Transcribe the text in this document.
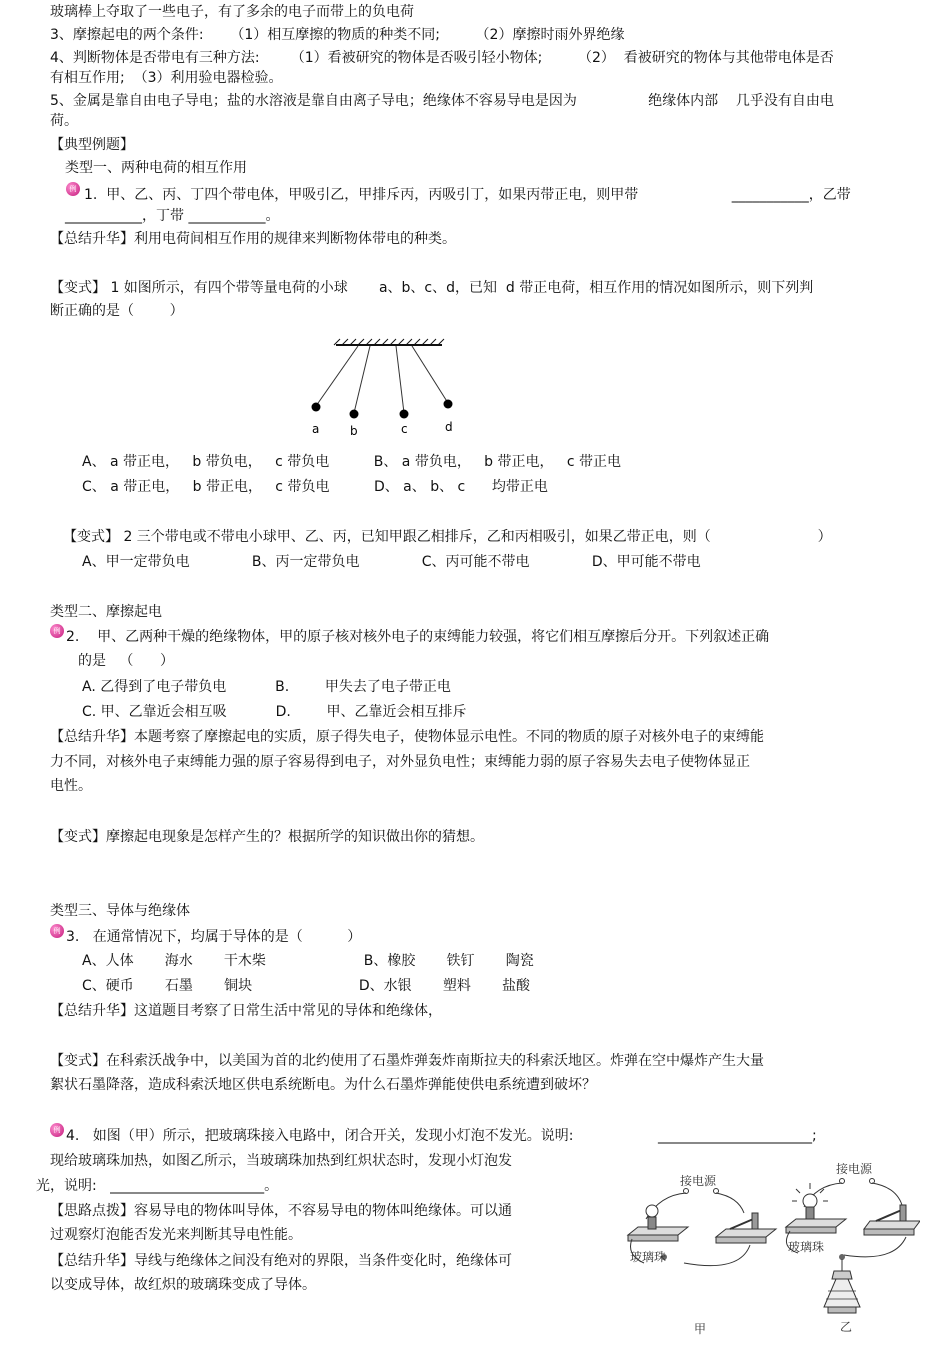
玻璃棒上夺取了一些电子，有了多余的电子而带上的负电荷
3、摩擦起电的两个条件:      （1）相互摩擦的物质的种类不同;        （2）摩擦时雨外界绝缘
4、判断物体是否带电有三种方法:       （1）看被研究的物体是否吸引轻小物体;        （2）  看被研究的物体与其他带电体是否
有相互作用;  （3）利用验电器检验。
5、金属是靠自由电子导电；盐的水溶液是靠自由离子导电；绝缘体不容易导电是因为                绝缘体内部    几乎没有自由电
荷。
【典型例题】
类型一、两种电荷的相互作用
例 1.  甲、乙、丙、丁四个带电体，甲吸引乙，甲排斥丙，丙吸引丁，如果丙带正电，则甲带                     ___________，乙带
___________，丁带 ___________。
【总结升华】利用电荷间相互作用的规律来判断物体带电的种类。
【变式】 1 如图所示，有四个带等量电荷的小球       a、b、c、d，已知  d 带正电荷，相互作用的情况如图所示，则下列判
断正确的是（        ）
a	b	c	d
A、 a 带正电，   b 带负电，   c 带负电          B、 a 带负电，   b 带正电，   c 带正电
C、 a 带正电，   b 带正电，   c 带负电          D、 a、 b、 c      均带正电
【变式】 2 三个带电或不带电小球甲、乙、丙，已知甲跟乙相排斥，乙和丙相吸引，如果乙带正电，则（                        ）
A、甲一定带负电              B、丙一定带负电              C、丙可能不带电              D、甲可能不带电
类型二、摩擦起电
例 2.    甲、乙两种干燥的绝缘物体，甲的原子核对核外电子的束缚能力较强，将它们相互摩擦后分开。下列叙述正确
的是   （      ）
A. 乙得到了电子带负电           B.        甲失去了电子带正电
C. 甲、乙靠近会相互吸           D.        甲、乙靠近会相互排斥
【总结升华】本题考察了摩擦起电的实质，原子得失电子，使物体显示电性。不同的物质的原子对核外电子的束缚能
力不同，对核外电子束缚能力强的原子容易得到电子，对外显负电性；束缚能力弱的原子容易失去电子使物体显正
电性。
【变式】摩擦起电现象是怎样产生的？根据所学的知识做出你的猜想。
类型三、导体与绝缘体
例 3.   在通常情况下，均属于导体的是（          ）
A、人体       海水       干木柴                      B、橡胶       铁钉       陶瓷
C、硬币       石墨       铜块                        D、水银       塑料       盐酸
【总结升华】这道题目考察了日常生活中常见的导体和绝缘体，
【变式】在科索沃战争中，以美国为首的北约使用了石墨炸弹轰炸南斯拉夫的科索沃地区。炸弹在空中爆炸产生大量
絮状石墨降落，造成科索沃地区供电系统断电。为什么石墨炸弹能使供电系统遭到破坏？
例 4.   如图（甲）所示，把玻璃珠接入电路中，闭合开关，发现小灯泡不发光。说明:                   ______________________;
现给玻璃珠加热，如图乙所示，当玻璃珠加热到红炽状态时，发现小灯泡发
光，说明:   ______________________。
【思路点拨】容易导电的物体叫导体，不容易导电的物体叫绝缘体。可以通
过观察灯泡能否发光来判断其导电性能。
【总结升华】导线与绝缘体之间没有绝对的界限，当条件变化时，绝缘体可
以变成导体，故红炽的玻璃珠变成了导体。
接电源
玻璃珠
甲
接电源
玻璃珠
乙
